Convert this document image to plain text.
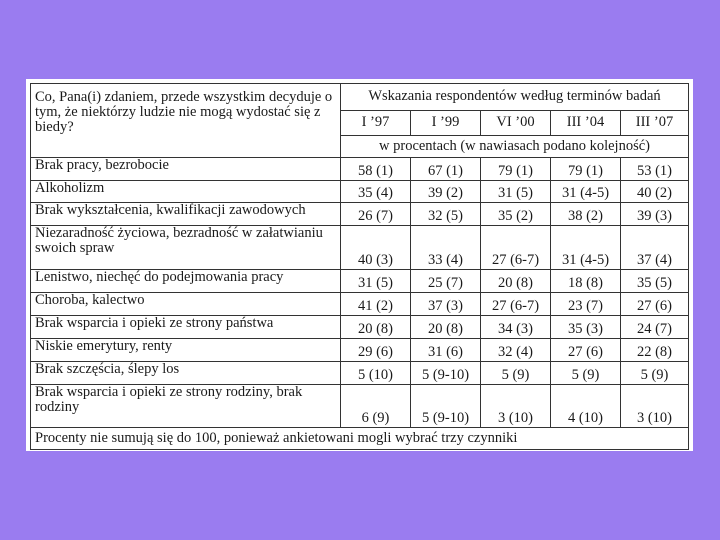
Co, Pana(i) zdaniem, przede wszystkim decyduje o tym, że niektórzy ludzie nie mogą wydostać się z biedy?	Wskazania respondentów według terminów badań				
	I ’97	I ’99	VI ’00	III ’04	III ’07
	w procentach (w nawiasach podano kolejność)				
Brak pracy, bezrobocie	58 (1)	67 (1)	79 (1)	79 (1)	53 (1)
Alkoholizm	35 (4)	39 (2)	31 (5)	31 (4-5)	40 (2)
Brak wykształcenia, kwalifikacji zawodowych	26 (7)	32 (5)	35 (2)	38 (2)	39 (3)
Niezaradność życiowa, bezradność w załatwianiu swoich spraw	40 (3)	33 (4)	27 (6-7)	31 (4-5)	37 (4)
Lenistwo, niechęć do podejmowania pracy	31 (5)	25 (7)	20 (8)	18 (8)	35 (5)
Choroba, kalectwo	41 (2)	37 (3)	27 (6-7)	23 (7)	27 (6)
Brak wsparcia i opieki ze strony państwa	20 (8)	20 (8)	34 (3)	35 (3)	24 (7)
Niskie emerytury, renty	29 (6)	31 (6)	32 (4)	27 (6)	22 (8)
Brak szczęścia, ślepy los	5 (10)	5 (9-10)	5 (9)	5 (9)	5 (9)
Brak wsparcia i opieki ze strony rodziny, brak rodziny	6 (9)	5 (9-10)	3 (10)	4 (10)	3 (10)
Procenty nie sumują się do 100, ponieważ ankietowani mogli wybrać trzy czynniki					
